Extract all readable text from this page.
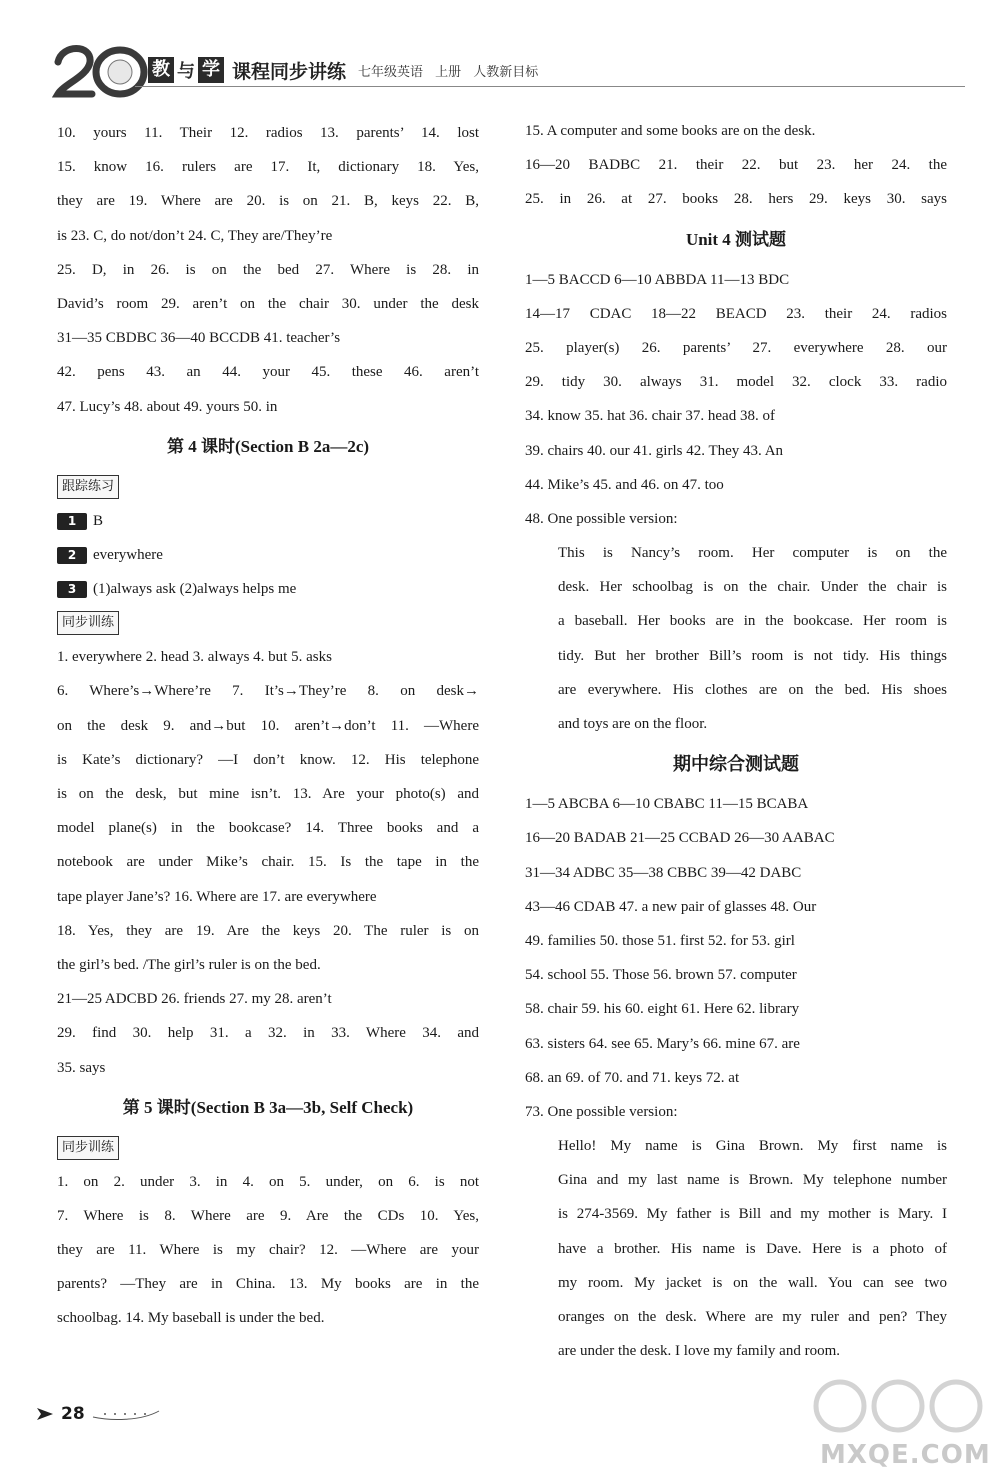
教 与 学 课程同步讲练 七年级英语 上册 人教新目标
10. yours 11. Their 12. radios 13. parents’ 14. lost
15. know 16. rulers are 17. It, dictionary 18. Yes,
they are 19. Where are 20. is on 21. B, keys 22. B,
is 23. C, do not/don’t 24. C, They are/They’re
25. D, in 26. is on the bed 27. Where is 28. in
David’s room 29. aren’t on the chair 30. under the desk
31—35 CBDBC 36—40 BCCDB 41. teacher’s
42. pens 43. an 44. your 45. these 46. aren’t
47. Lucy’s 48. about 49. yours 50. in
第 4 课时(Section B 2a—2c)
跟踪练习
1 B
2 everywhere
3 (1)always ask (2)always helps me
同步训练
1. everywhere 2. head 3. always 4. but 5. asks
6. Where’s→Where’re 7. It’s→They’re 8. on desk→
on the desk 9. and→but 10. aren’t→don’t 11. —Where
is Kate’s dictionary? —I don’t know. 12. His telephone
is on the desk, but mine isn’t. 13. Are your photo(s) and
model plane(s) in the bookcase? 14. Three books and a
notebook are under Mike’s chair. 15. Is the tape in the
tape player Jane’s? 16. Where are 17. are everywhere
18. Yes, they are 19. Are the keys 20. The ruler is on
the girl’s bed. /The girl’s ruler is on the bed.
21—25 ADCBD 26. friends 27. my 28. aren’t
29. find 30. help 31. a 32. in 33. Where 34. and
35. says
第 5 课时(Section B 3a—3b, Self Check)
同步训练
1. on 2. under 3. in 4. on 5. under, on 6. is not
7. Where is 8. Where are 9. Are the CDs 10. Yes,
they are 11. Where is my chair? 12. —Where are your
parents? —They are in China. 13. My books are in the
schoolbag. 14. My baseball is under the bed.
15. A computer and some books are on the desk.
16—20 BADBC 21. their 22. but 23. her 24. the
25. in 26. at 27. books 28. hers 29. keys 30. says
Unit 4 测试题
1—5 BACCD 6—10 ABBDA 11—13 BDC
14—17 CDAC 18—22 BEACD 23. their 24. radios
25. player(s) 26. parents’ 27. everywhere 28. our
29. tidy 30. always 31. model 32. clock 33. radio
34. know 35. hat 36. chair 37. head 38. of
39. chairs 40. our 41. girls 42. They 43. An
44. Mike’s 45. and 46. on 47. too
48. One possible version:
This is Nancy’s room. Her computer is on the
desk. Her schoolbag is on the chair. Under the chair is
a baseball. Her books are in the bookcase. Her room is
tidy. But her brother Bill’s room is not tidy. His things
are everywhere. His clothes are on the bed. His shoes
and toys are on the floor.
期中综合测试题
1—5 ABCBA 6—10 CBABC 11—15 BCABA
16—20 BADAB 21—25 CCBAD 26—30 AABAC
31—34 ADBC 35—38 CBBC 39—42 DABC
43—46 CDAB 47. a new pair of glasses 48. Our
49. families 50. those 51. first 52. for 53. girl
54. school 55. Those 56. brown 57. computer
58. chair 59. his 60. eight 61. Here 62. library
63. sisters 64. see 65. Mary’s 66. mine 67. are
68. an 69. of 70. and 71. keys 72. at
73. One possible version:
Hello! My name is Gina Brown. My first name is
Gina and my last name is Brown. My telephone number
is 274-3569. My father is Bill and my mother is Mary. I
have a brother. His name is Dave. Here is a photo of
my room. My jacket is on the wall. You can see two
oranges on the desk. Where are my ruler and pen? They
are under the desk. I love my family and room.
28
MXQE.COM
